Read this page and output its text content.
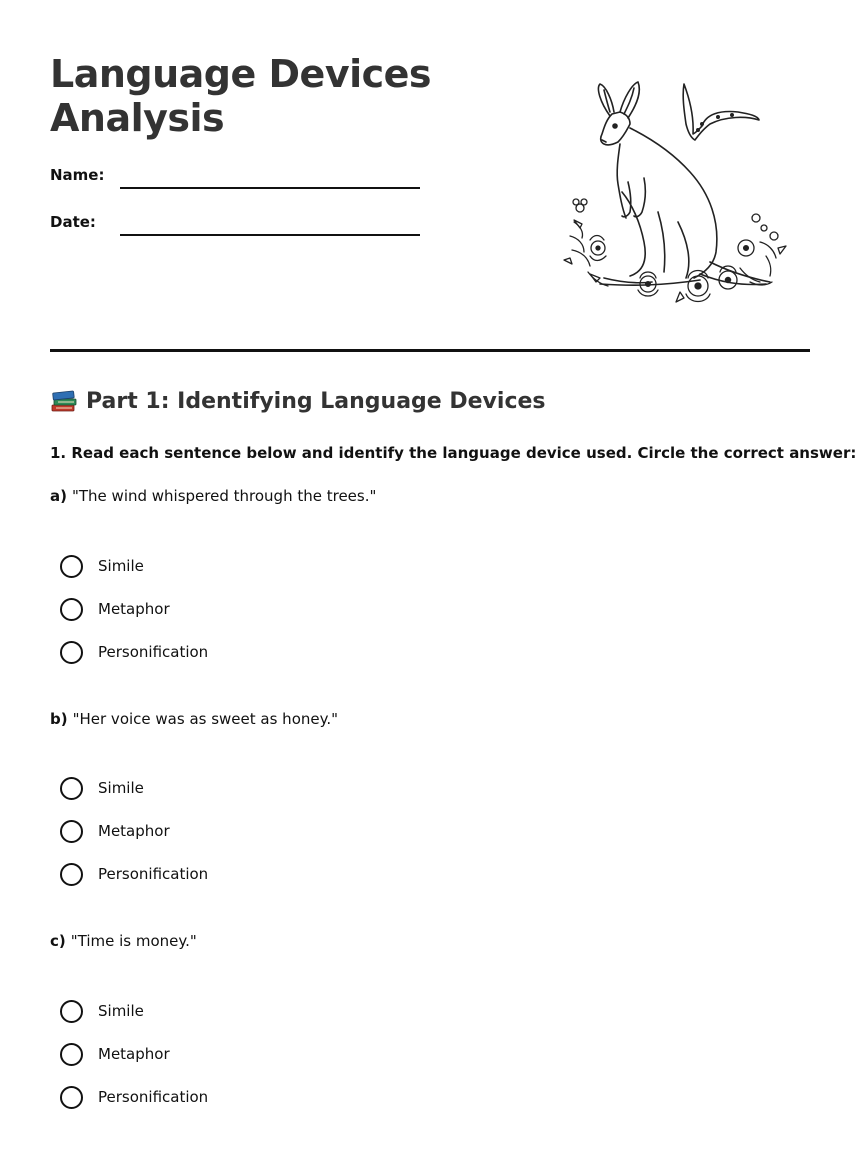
Language Devices Analysis
Name:
Date:
Part 1: Identifying Language Devices
1. Read each sentence below and identify the language device used. Circle the correct answer:
a) "The wind whispered through the trees."
Simile
Metaphor
Personification
b) "Her voice was as sweet as honey."
Simile
Metaphor
Personification
c) "Time is money."
Simile
Metaphor
Personification
